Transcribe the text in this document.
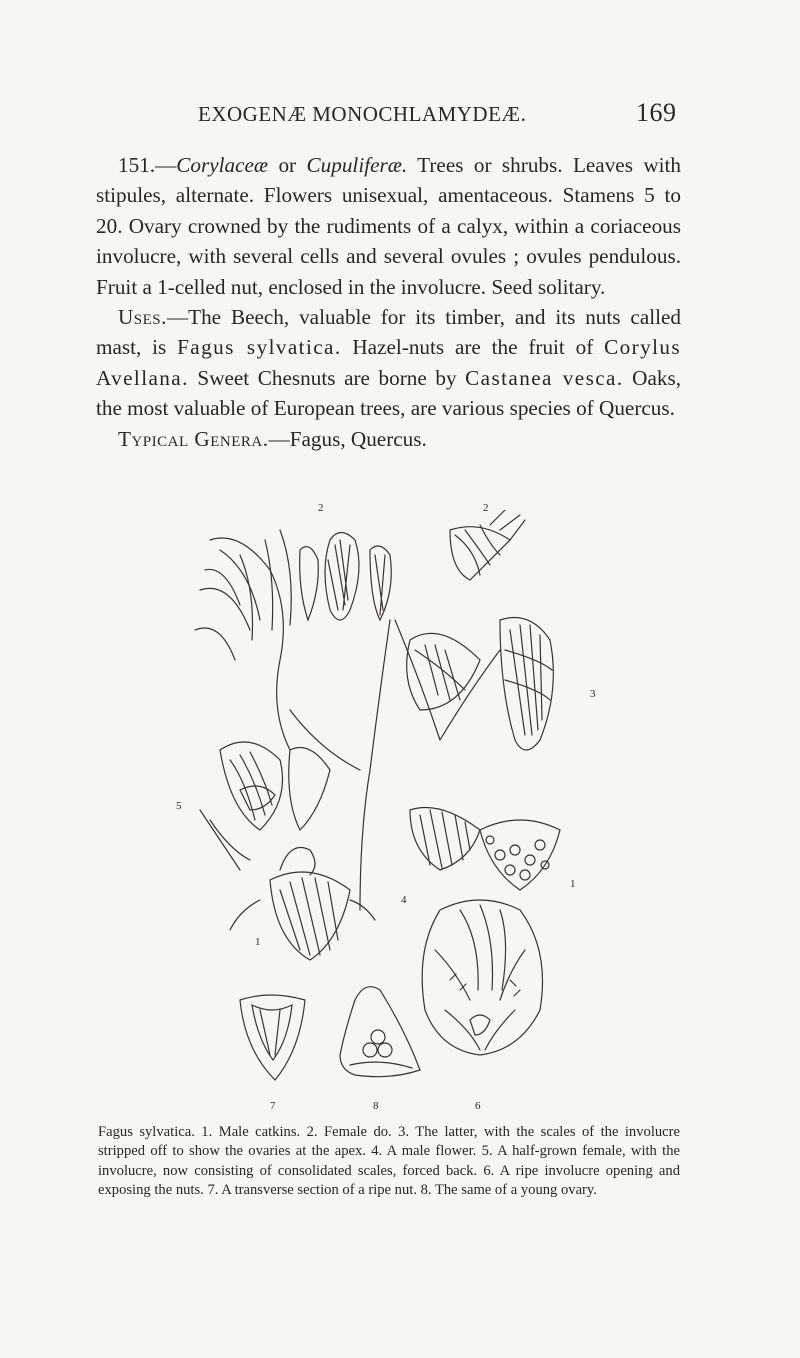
EXOGENÆ MONOCHLAMYDEÆ.	169

151.—Corylaceæ or Cupuliferæ. Trees or shrubs. Leaves with stipules, alternate. Flowers unisexual, amentaceous. Stamens 5 to 20. Ovary crowned by the rudiments of a calyx, within a coriaceous involucre, with several cells and several ovules ; ovules pendulous. Fruit a 1-celled nut, enclosed in the involucre. Seed solitary.

Uses.—The Beech, valuable for its timber, and its nuts called mast, is Fagus sylvatica. Hazel-nuts are the fruit of Corylus Avellana. Sweet Chesnuts are borne by Castanea vesca. Oaks, the most valuable of European trees, are various species of Quercus.

Typical Genera.—Fagus, Quercus.

2	2
3
5
4
1
1
7	8	6
Fagus sylvatica. 1. Male catkins. 2. Female do. 3. The latter, with the scales of the involucre stripped off to show the ovaries at the apex. 4. A male flower. 5. A half-grown female, with the involucre, now consisting of consolidated scales, forced back. 6. A ripe involucre opening and exposing the nuts. 7. A transverse section of a ripe nut. 8. The same of a young ovary.
